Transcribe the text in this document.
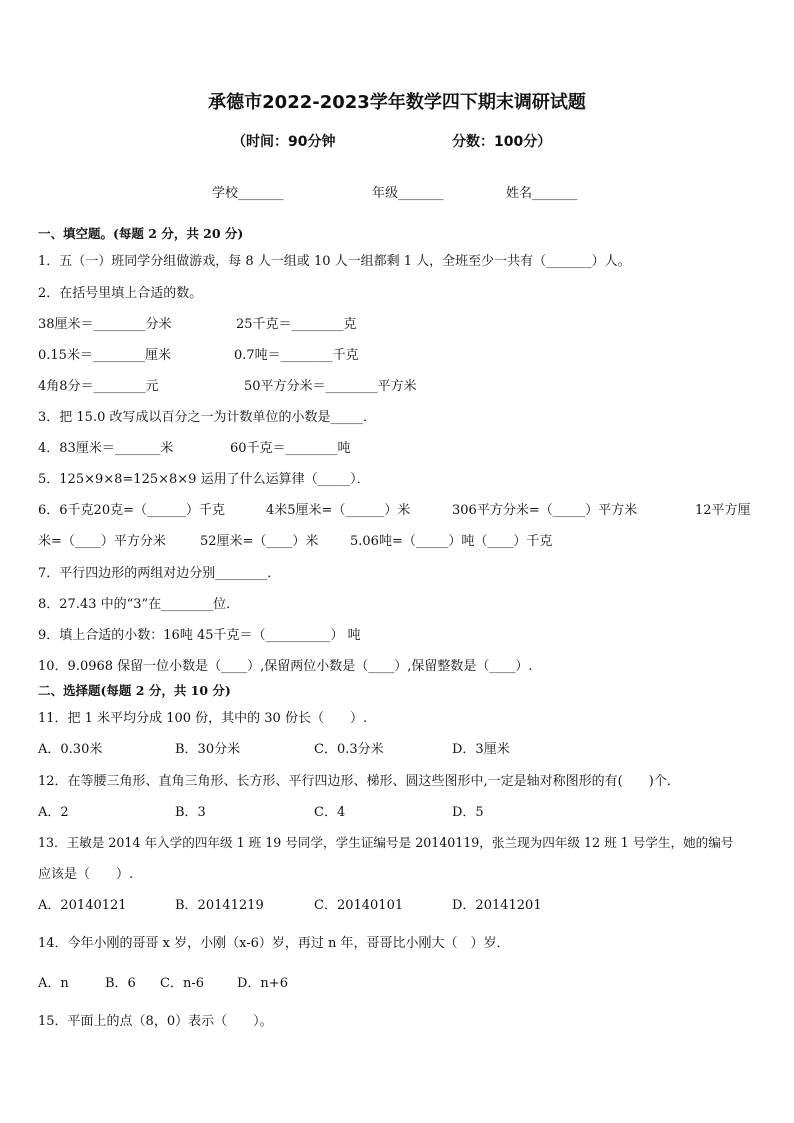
承德市2022-2023学年数学四下期末调研试题
（时间：90分钟	分数：100分）
学校_______	年级_______	姓名_______
一、填空题。(每题 2 分，共 20 分)
1．五（一）班同学分组做游戏，每 8 人一组或 10 人一组都剩 1 人，全班至少一共有（_______）人。
2．在括号里填上合适的数。
38厘米＝________分米	25千克＝________克
0.15米＝________厘米	0.7吨＝________千克
4角8分＝________元	50平方分米＝________平方米
3．把 15.0 改写成以百分之一为计数单位的小数是_____．
4．83厘米＝_______米	60千克＝________吨
5．125×9×8=125×8×9 运用了什么运算律（_____）．
6．6千克20克=（______）千克	4米5厘米=（______）米	306平方分米=（_____）平方米	12平方厘
米=（____）平方分米	52厘米=（____）米 5.06吨=（_____）吨（____）千克
7．平行四边形的两组对边分别________．
8．27.43 中的“3”在________位．
9．填上合适的小数：16吨 45千克＝（__________） 吨
10．9.0968 保留一位小数是（____）,保留两位小数是（____）,保留整数是（____）.
二、选择题(每题 2 分，共 10 分)
11．把 1 米平均分成 100 份，其中的 30 份长（　　）.
A．0.30米	B．30分米	C．0.3分米	D．3厘米
12．在等腰三角形、直角三角形、长方形、平行四边形、梯形、圆这些图形中,一定是轴对称图形的有(　　)个．
A．2	B．3	C．4	D．5
13．王敏是 2014 年入学的四年级 1 班 19 号同学，学生证编号是 20140119，张兰现为四年级 12 班 1 号学生，她的编号
应该是（　　）.
A．20140121	B．20141219	C．20140101	D．20141201
14．今年小刚的哥哥 x 岁，小刚（x-6）岁，再过 n 年，哥哥比小刚大（　）岁．
A．n	B．6 C．n-6	D．n+6
15．平面上的点（8，0）表示（　　）。
